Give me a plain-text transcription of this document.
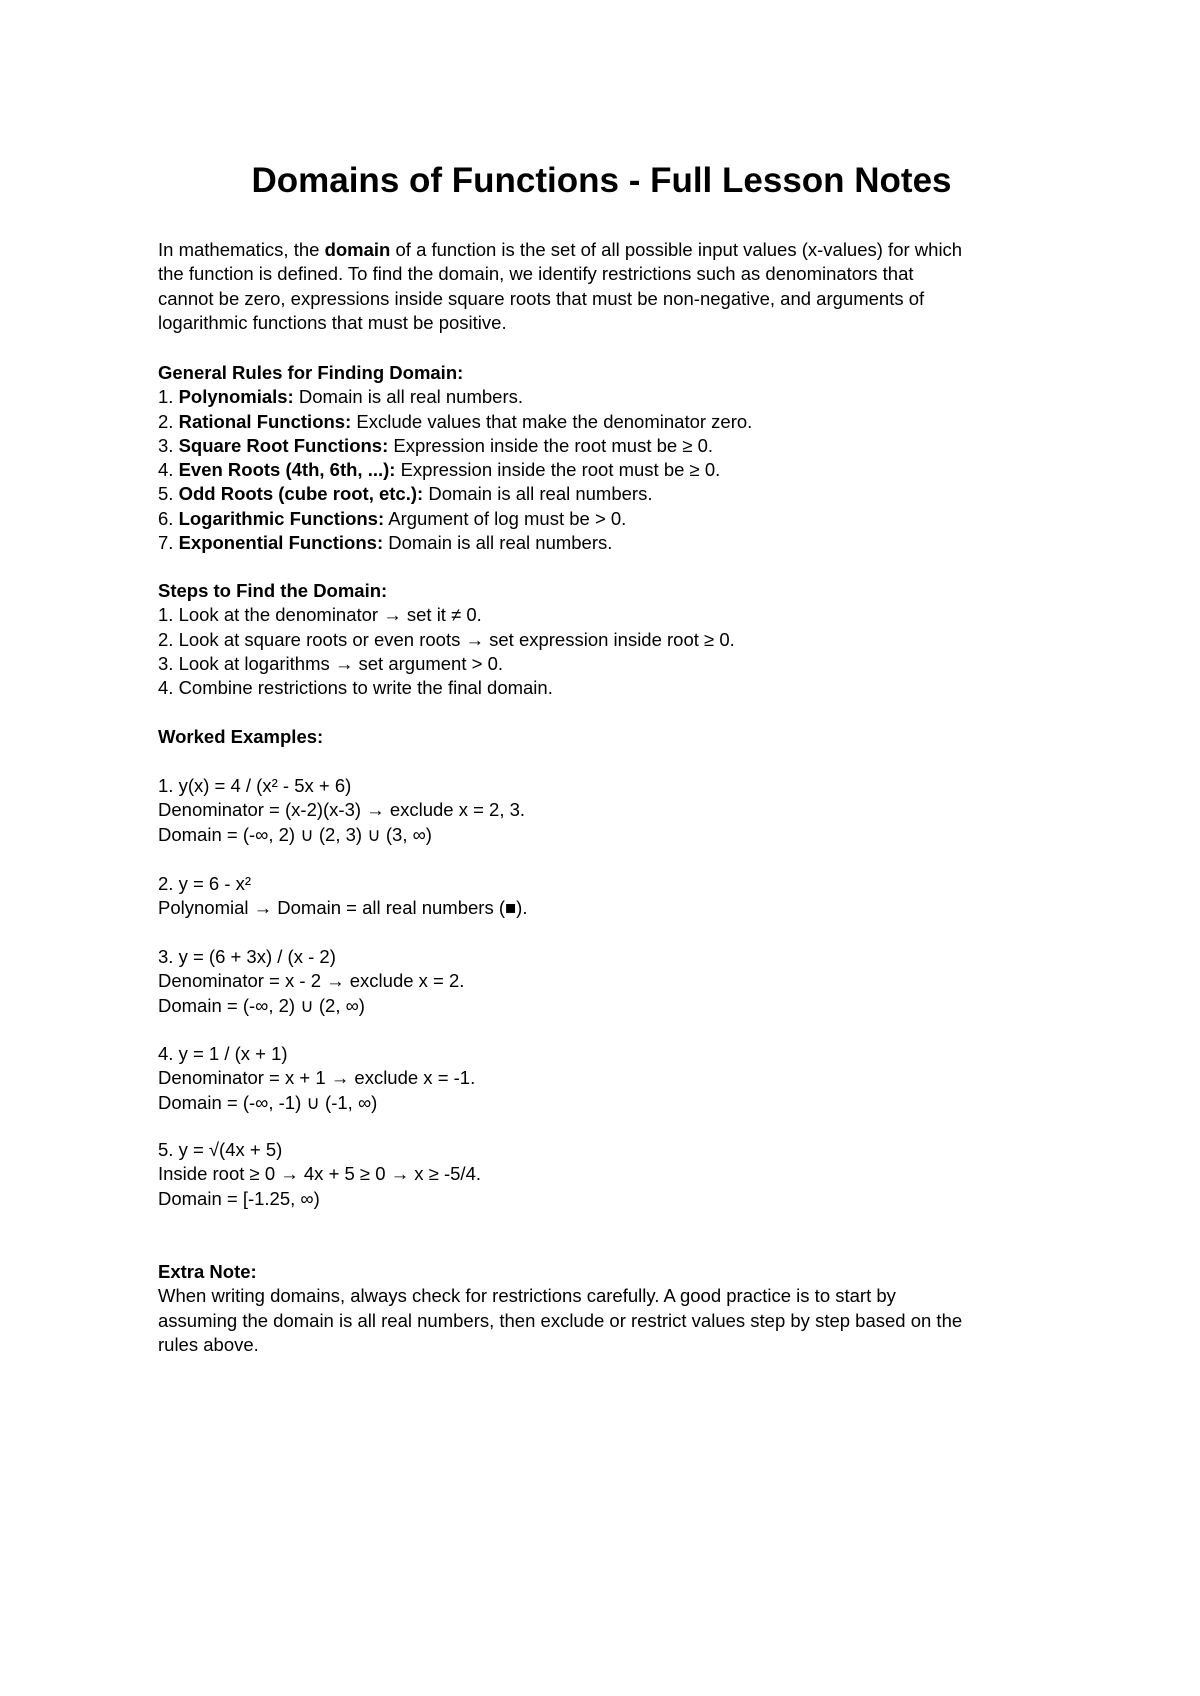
Domains of Functions - Full Lesson Notes
In mathematics, the domain of a function is the set of all possible input values (x-values) for which
the function is defined. To find the domain, we identify restrictions such as denominators that
cannot be zero, expressions inside square roots that must be non-negative, and arguments of
logarithmic functions that must be positive.
General Rules for Finding Domain:
1. Polynomials: Domain is all real numbers.
2. Rational Functions: Exclude values that make the denominator zero.
3. Square Root Functions: Expression inside the root must be ≥ 0.
4. Even Roots (4th, 6th, ...): Expression inside the root must be ≥ 0.
5. Odd Roots (cube root, etc.): Domain is all real numbers.
6. Logarithmic Functions: Argument of log must be > 0.
7. Exponential Functions: Domain is all real numbers.
Steps to Find the Domain:
1. Look at the denominator → set it ≠ 0.
2. Look at square roots or even roots → set expression inside root ≥ 0.
3. Look at logarithms → set argument > 0.
4. Combine restrictions to write the final domain.
Worked Examples:
1. y(x) = 4 / (x² - 5x + 6)
Denominator = (x-2)(x-3) → exclude x = 2, 3.
Domain = (-∞, 2) ∪ (2, 3) ∪ (3, ∞)
2. y = 6 - x²
Polynomial → Domain = all real numbers (■).
3. y = (6 + 3x) / (x - 2)
Denominator = x - 2 → exclude x = 2.
Domain = (-∞, 2) ∪ (2, ∞)
4. y = 1 / (x + 1)
Denominator = x + 1 → exclude x = -1.
Domain = (-∞, -1) ∪ (-1, ∞)
5. y = √(4x + 5)
Inside root ≥ 0 → 4x + 5 ≥ 0 → x ≥ -5/4.
Domain = [-1.25, ∞)
Extra Note:
When writing domains, always check for restrictions carefully. A good practice is to start by
assuming the domain is all real numbers, then exclude or restrict values step by step based on the
rules above.
